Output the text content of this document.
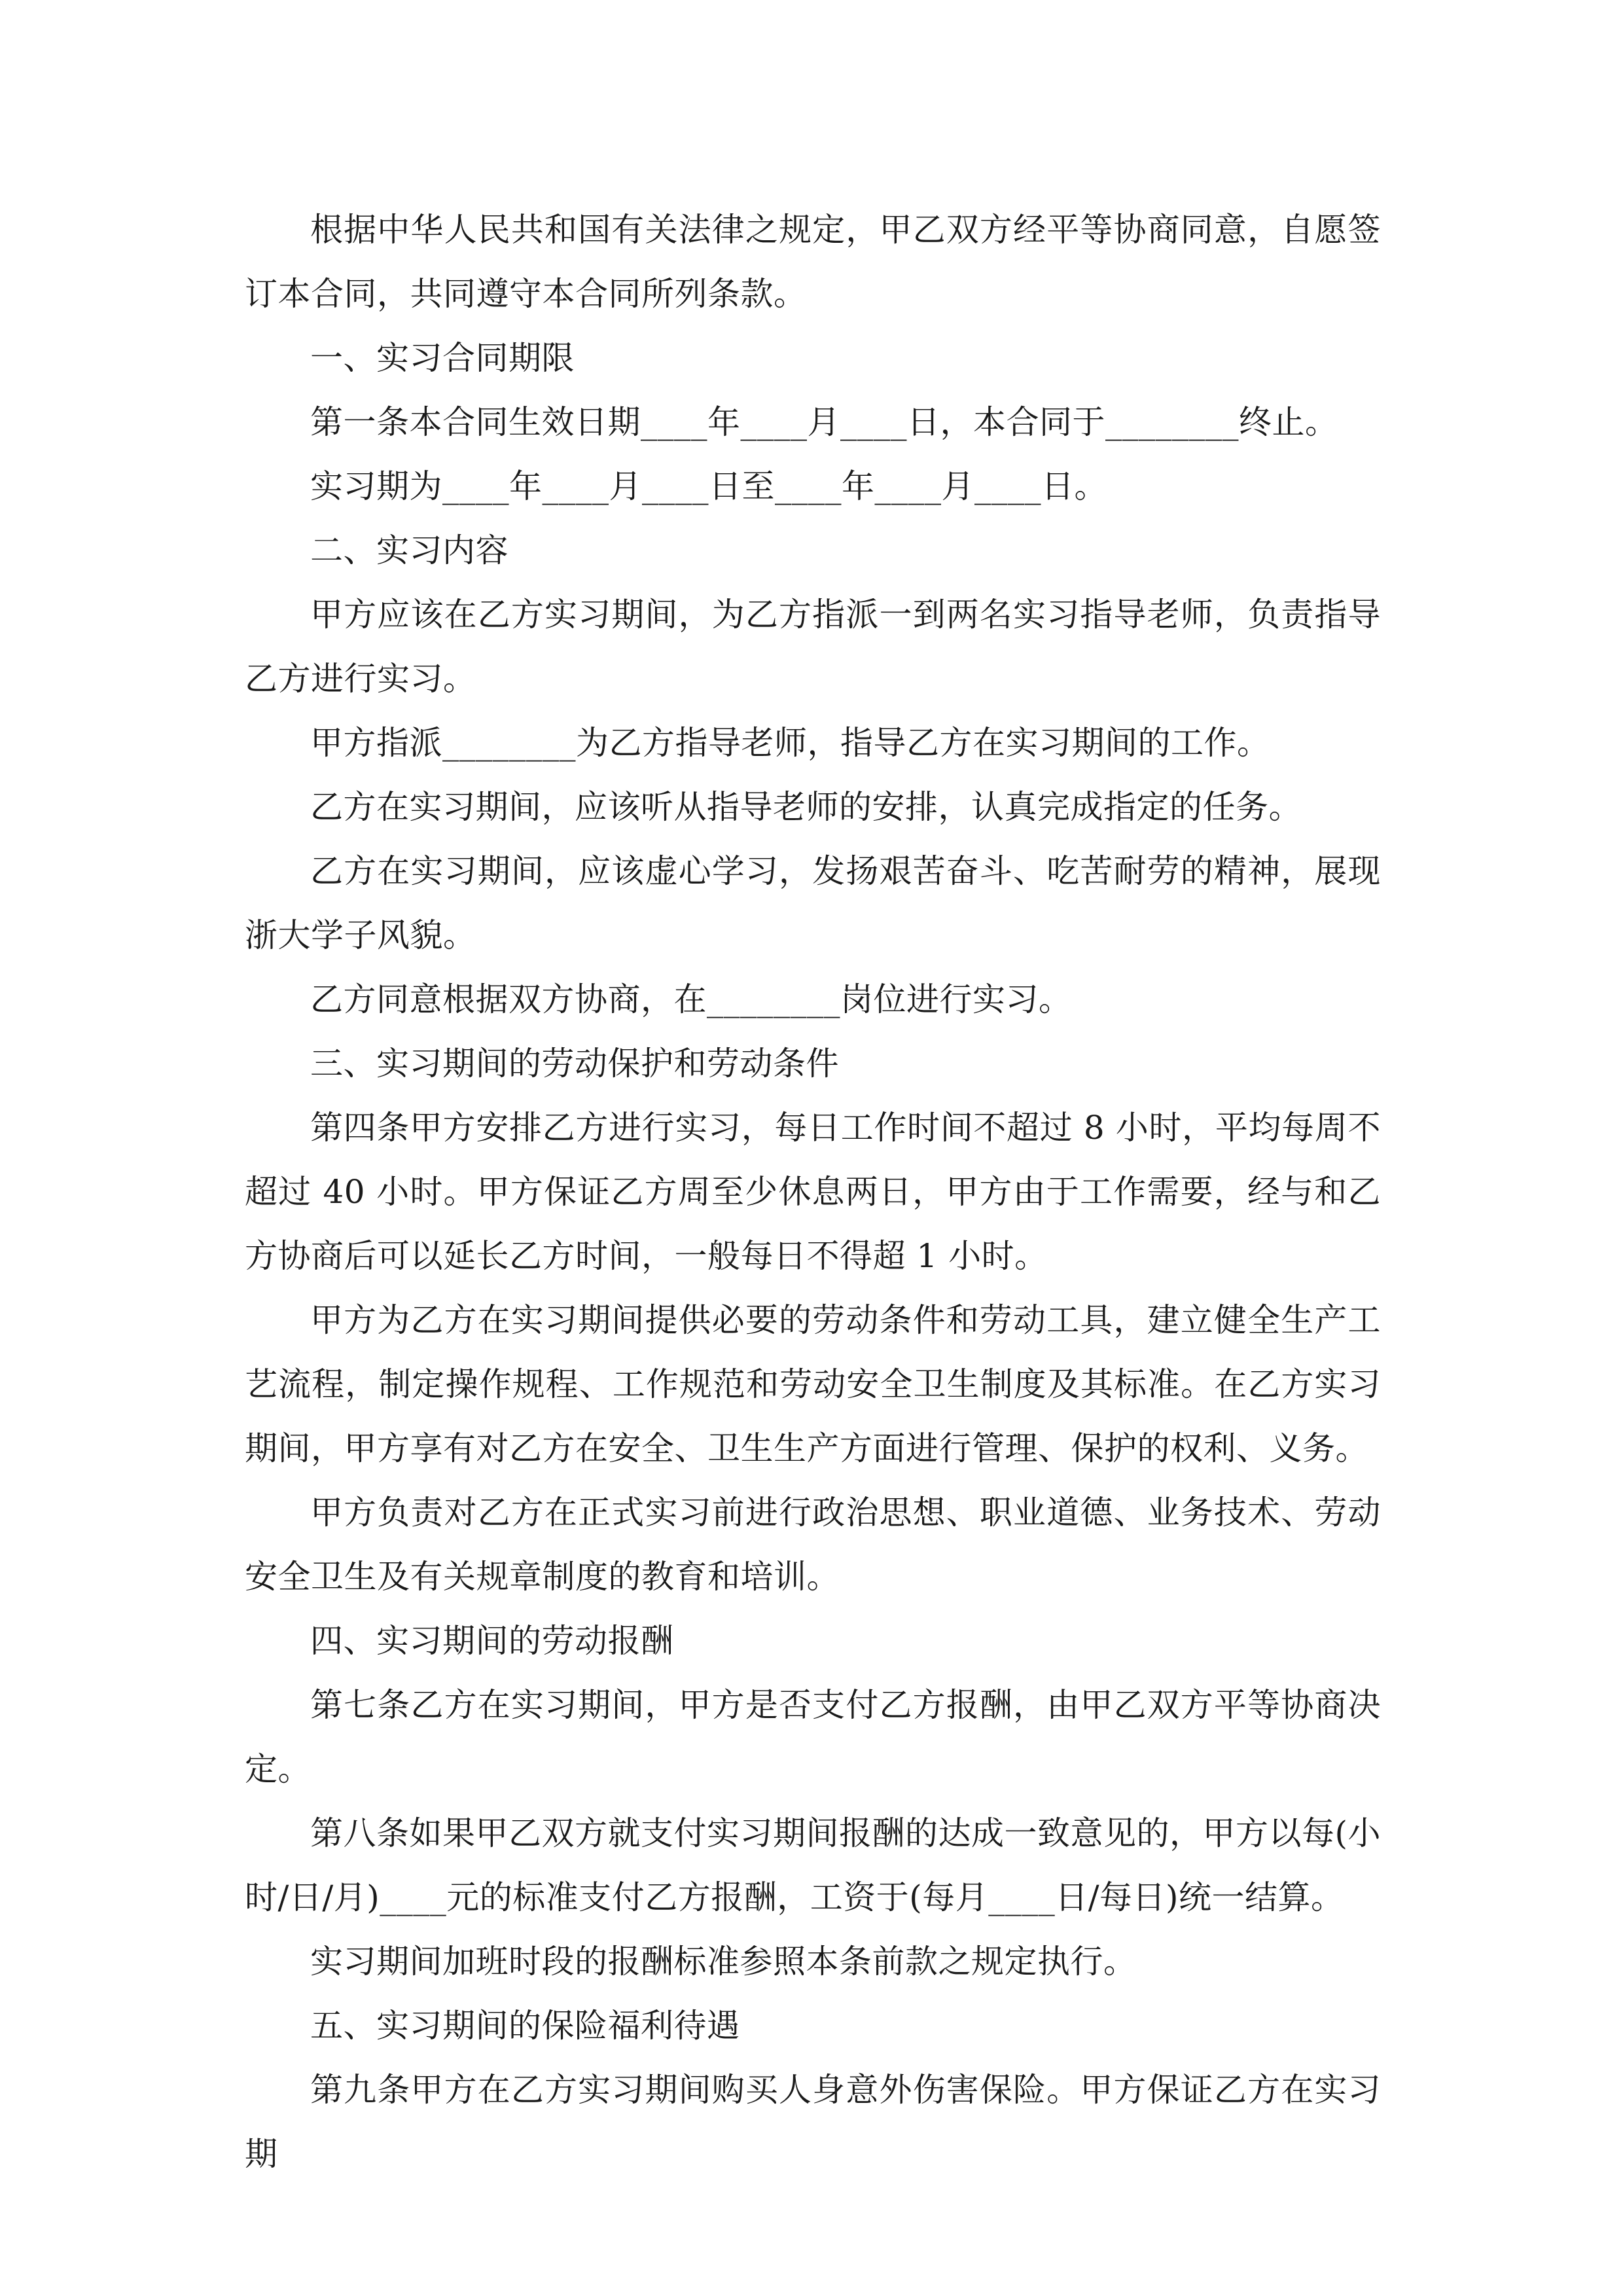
根据中华人民共和国有关法律之规定，甲乙双方经平等协商同意，自愿签订本合同，共同遵守本合同所列条款。

一、实习合同期限

第一条本合同生效日期____年____月____日，本合同于________终止。

实习期为____年____月____日至____年____月____日。

二、实习内容

甲方应该在乙方实习期间，为乙方指派一到两名实习指导老师，负责指导乙方进行实习。

甲方指派________为乙方指导老师，指导乙方在实习期间的工作。

乙方在实习期间，应该听从指导老师的安排，认真完成指定的任务。

乙方在实习期间，应该虚心学习，发扬艰苦奋斗、吃苦耐劳的精神，展现浙大学子风貌。

乙方同意根据双方协商，在________岗位进行实习。

三、实习期间的劳动保护和劳动条件

第四条甲方安排乙方进行实习，每日工作时间不超过 8 小时，平均每周不超过 40 小时。甲方保证乙方周至少休息两日，甲方由于工作需要，经与和乙方协商后可以延长乙方时间，一般每日不得超 1 小时。

甲方为乙方在实习期间提供必要的劳动条件和劳动工具，建立健全生产工艺流程，制定操作规程、工作规范和劳动安全卫生制度及其标准。在乙方实习期间，甲方享有对乙方在安全、卫生生产方面进行管理、保护的权利、义务。

甲方负责对乙方在正式实习前进行政治思想、职业道德、业务技术、劳动安全卫生及有关规章制度的教育和培训。

四、实习期间的劳动报酬

第七条乙方在实习期间，甲方是否支付乙方报酬，由甲乙双方平等协商决定。

第八条如果甲乙双方就支付实习期间报酬的达成一致意见的，甲方以每(小时/日/月)____元的标准支付乙方报酬，工资于(每月____日/每日)统一结算。

实习期间加班时段的报酬标准参照本条前款之规定执行。

五、实习期间的保险福利待遇

第九条甲方在乙方实习期间购买人身意外伤害保险。甲方保证乙方在实习期
